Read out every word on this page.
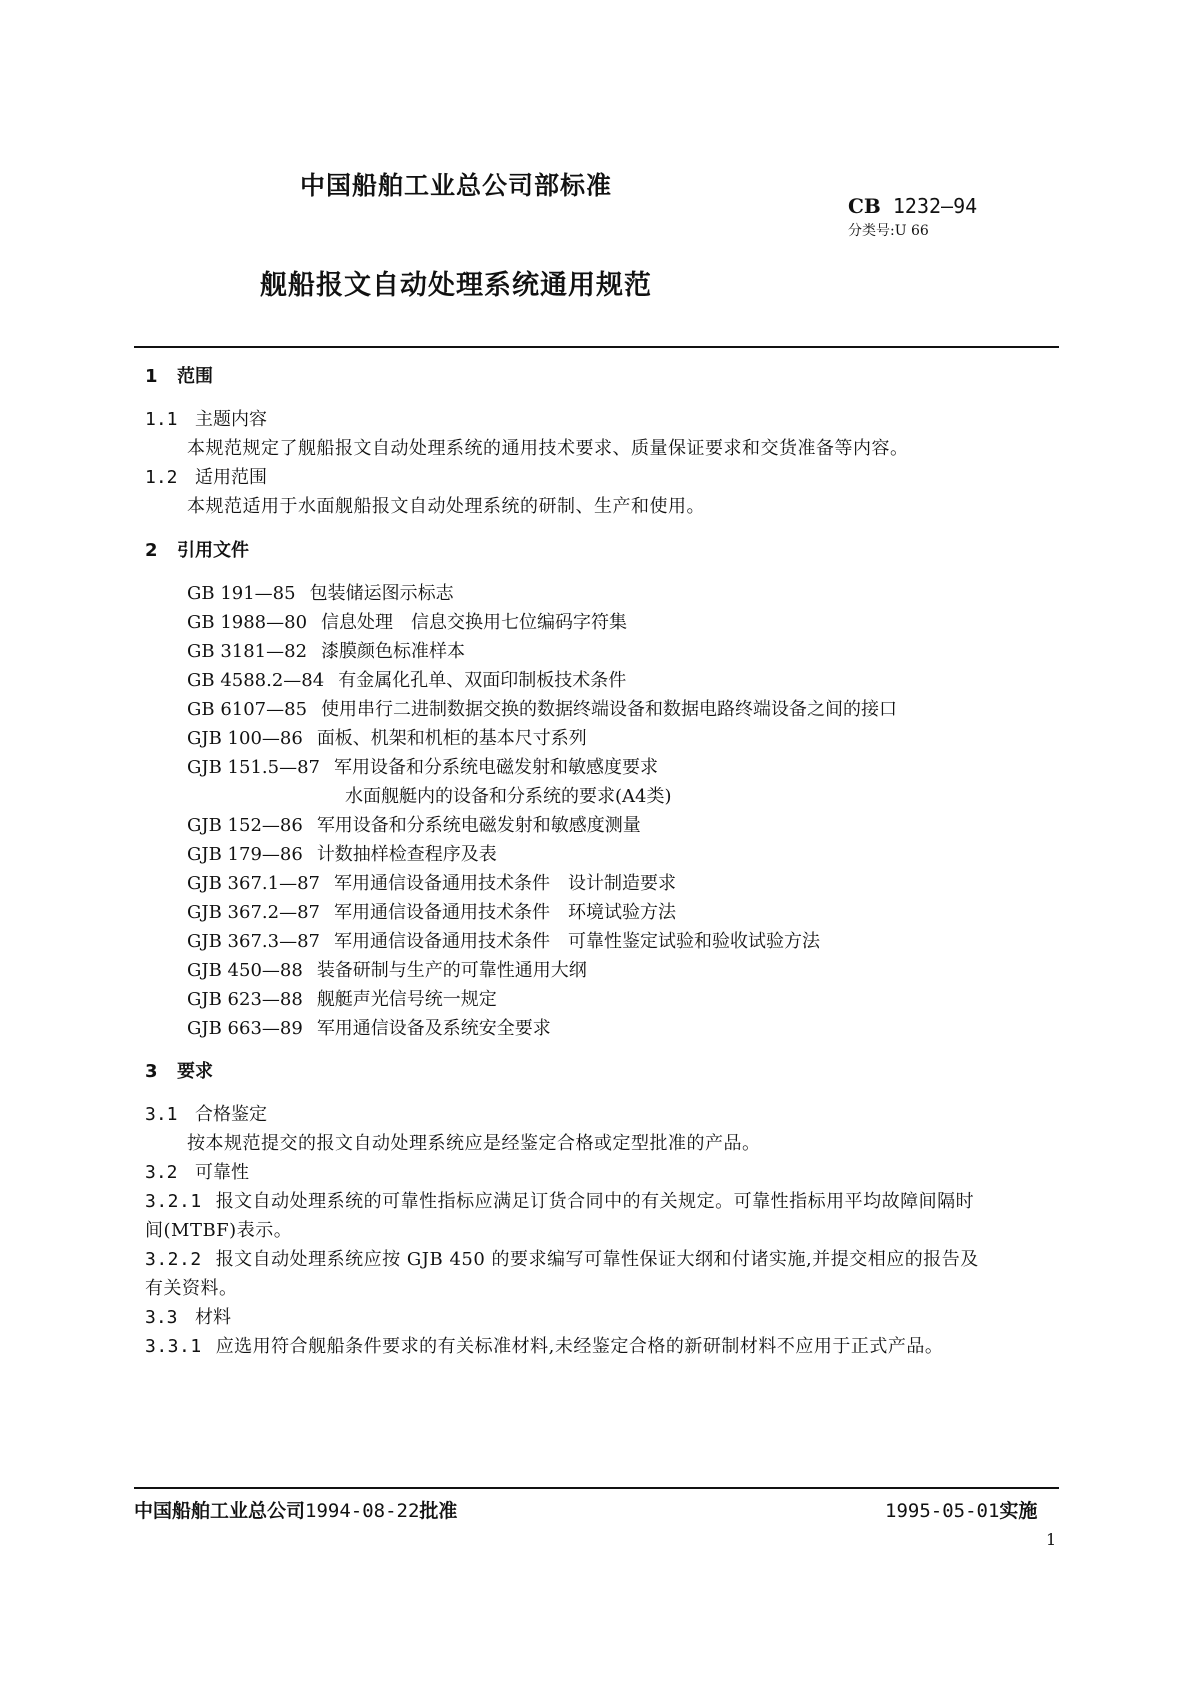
中国船舶工业总公司部标准
CB 1232—94
分类号:U 66
舰船报文自动处理系统通用规范
1 范围
1.1 主题内容
本规范规定了舰船报文自动处理系统的通用技术要求、质量保证要求和交货准备等内容。
1.2 适用范围
本规范适用于水面舰船报文自动处理系统的研制、生产和使用。
2 引用文件
GB 191—85 包装储运图示标志
GB 1988—80 信息处理　信息交换用七位编码字符集
GB 3181—82 漆膜颜色标准样本
GB 4588.2—84 有金属化孔单、双面印制板技术条件
GB 6107—85 使用串行二进制数据交换的数据终端设备和数据电路终端设备之间的接口
GJB 100—86 面板、机架和机柜的基本尺寸系列
GJB 151.5—87 军用设备和分系统电磁发射和敏感度要求
水面舰艇内的设备和分系统的要求(A4类)
GJB 152—86 军用设备和分系统电磁发射和敏感度测量
GJB 179—86 计数抽样检查程序及表
GJB 367.1—87 军用通信设备通用技术条件　设计制造要求
GJB 367.2—87 军用通信设备通用技术条件　环境试验方法
GJB 367.3—87 军用通信设备通用技术条件　可靠性鉴定试验和验收试验方法
GJB 450—88 装备研制与生产的可靠性通用大纲
GJB 623—88 舰艇声光信号统一规定
GJB 663—89 军用通信设备及系统安全要求
3 要求
3.1 合格鉴定
按本规范提交的报文自动处理系统应是经鉴定合格或定型批准的产品。
3.2 可靠性
3.2.1 报文自动处理系统的可靠性指标应满足订货合同中的有关规定。可靠性指标用平均故障间隔时
间(MTBF)表示。
3.2.2 报文自动处理系统应按 GJB 450 的要求编写可靠性保证大纲和付诸实施,并提交相应的报告及
有关资料。
3.3 材料
3.3.1 应选用符合舰船条件要求的有关标准材料,未经鉴定合格的新研制材料不应用于正式产品。
中国船舶工业总公司1994-08-22批准	1995-05-01实施
1
